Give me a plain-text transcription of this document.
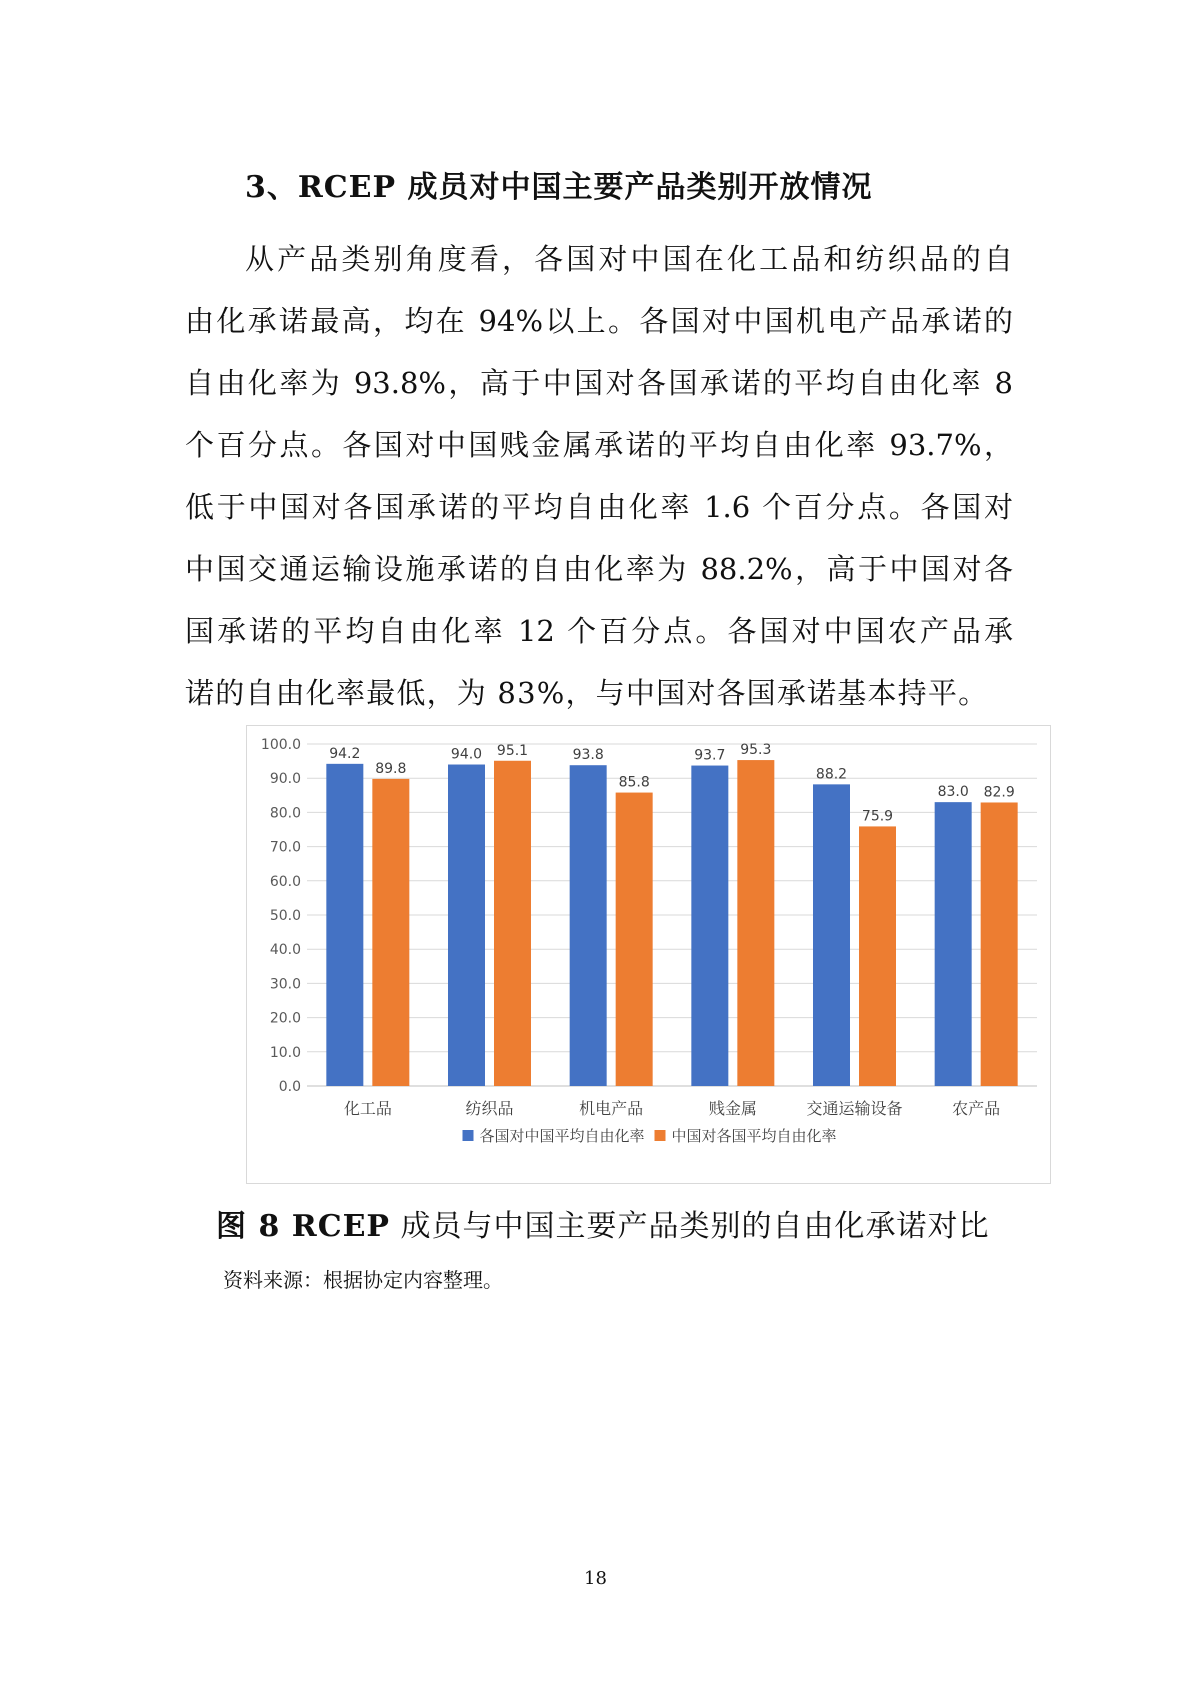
3、RCEP 成员对中国主要产品类别开放情况
从产品类别角度看，各国对中国在化工品和纺织品的自
由化承诺最高，均在 94%以上。各国对中国机电产品承诺的
自由化率为 93.8%，高于中国对各国承诺的平均自由化率 8
个百分点。各国对中国贱金属承诺的平均自由化率 93.7%，
低于中国对各国承诺的平均自由化率 1.6 个百分点。各国对
中国交通运输设施承诺的自由化率为 88.2%，高于中国对各
国承诺的平均自由化率 12 个百分点。各国对中国农产品承
诺的自由化率最低，为 83%，与中国对各国承诺基本持平。
0.0
10.0
20.0
30.0
40.0
50.0
60.0
70.0
80.0
90.0
100.0
94.2
89.8
化工品
94.0 95.1
纺织品
93.8
85.8
机电产品
93.7 95.3
贱金属
88.2
75.9
交通运输设备
83.0 82.9
农产品
各国对中国平均自由化率 中国对各国平均自由化率
图 8 RCEP 成员与中国主要产品类别的自由化承诺对比
资料来源：根据协定内容整理。
18
